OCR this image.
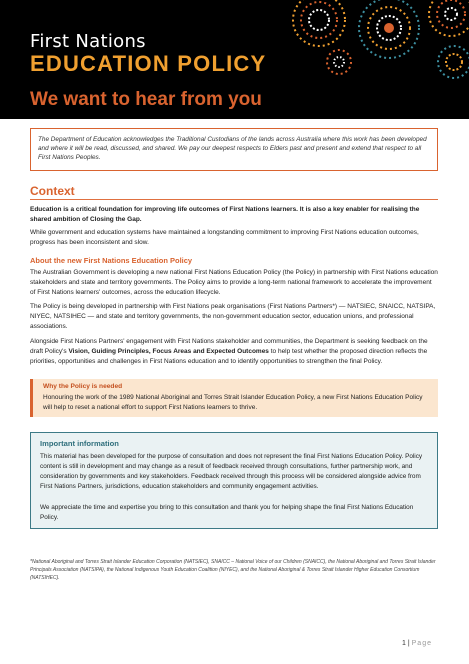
First Nations
EDUCATION POLICY
We want to hear from you
The Department of Education acknowledges the Traditional Custodians of the lands across Australia where this work has been developed and where it will be read, discussed, and shared. We pay our deepest respects to Elders past and present and extend that respect to all First Nations Peoples.
Context

Education is a critical foundation for improving life outcomes of First Nations learners. It is also a key enabler for realising the shared ambition of Closing the Gap.

While government and education systems have maintained a longstanding commitment to improving First Nations education outcomes, progress has been inconsistent and slow.

About the new First Nations Education Policy

The Australian Government is developing a new national First Nations Education Policy (the Policy) in partnership with First Nations education stakeholders and state and territory governments. The Policy aims to provide a long-term national framework to accelerate the improvement of First Nations learners' outcomes, across the education lifecycle.

The Policy is being developed in partnership with First Nations peak organisations (First Nations Partners*) — NATSIEC, SNAICC, NATSIPA, NIYEC, NATSIHEC — and state and territory governments, the non-government education sector, education unions, and professional associations.

Alongside First Nations Partners' engagement with First Nations stakeholder and communities, the Department is seeking feedback on the draft Policy's Vision, Guiding Principles, Focus Areas and Expected Outcomes to help test whether the proposed direction reflects the priorities, opportunities and challenges in First Nations education and to identify opportunities to strengthen the final Policy.

Why the Policy is needed
Honouring the work of the 1989 National Aboriginal and Torres Strait Islander Education Policy, a new First Nations Education Policy will help to reset a national effort to support First Nations learners to thrive.
Important information
This material has been developed for the purpose of consultation and does not represent the final First Nations Education Policy. Policy content is still in development and may change as a result of feedback received through consultations, further partnership work, and consideration by governments and key stakeholders. Feedback received through this process will be considered alongside advice from First Nations Partners, jurisdictions, education stakeholders and community engagement activities.
We appreciate the time and expertise you bring to this consultation and thank you for helping shape the final First Nations Education Policy.
*National Aboriginal and Torres Strait Islander Education Corporation (NATSIEC), SNAICC – National Voice of our Children (SNAICC), the National Aboriginal and Torres Strait Islander Principals Association (NATSIPA), the National Indigenous Youth Education Coalition (NIYEC), and the National Aboriginal & Torres Strait Islander Higher Education Consortium (NATSIHEC).
1 | Page
